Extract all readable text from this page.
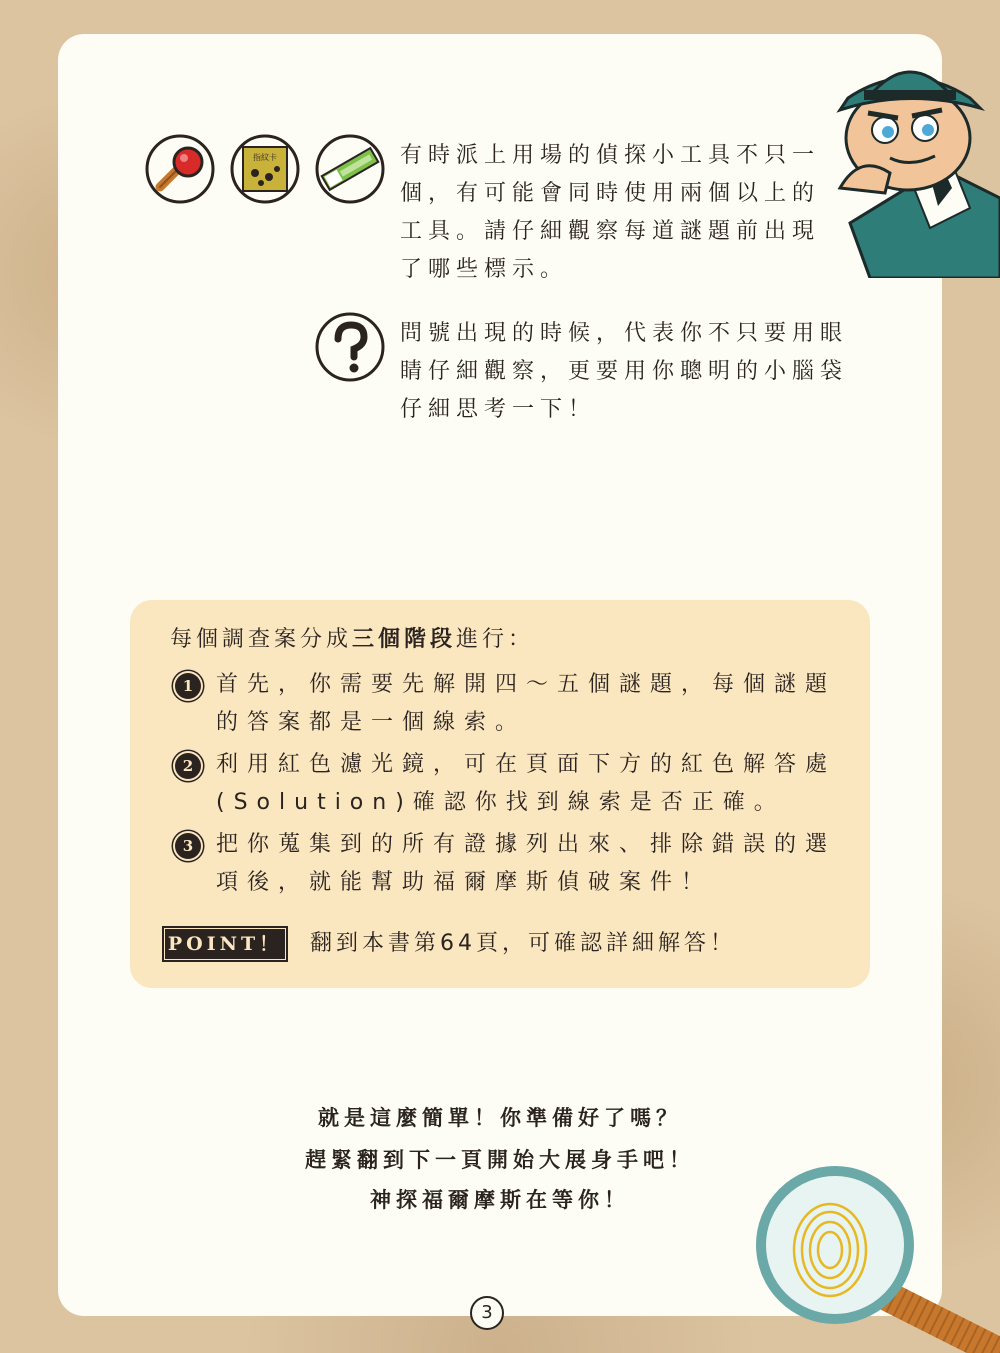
指紋卡	有時派上用場的偵探小工具不只一個，有可能會同時使用兩個以上的工具。請仔細觀察每道謎題前出現了哪些標示。
問號出現的時候，代表你不只要用眼睛仔細觀察，更要用你聰明的小腦袋仔細思考一下！
每個調查案分成三個階段進行：
1	首先，你需要先解開四～五個謎題，每個謎題的答案都是一個線索。
2	利用紅色濾光鏡，可在頁面下方的紅色解答處(Solution)確認你找到線索是否正確。
3	把你蒐集到的所有證據列出來、排除錯誤的選項後，就能幫助福爾摩斯偵破案件！
POINT！ 翻到本書第64頁，可確認詳細解答！
就是這麼簡單！你準備好了嗎？
趕緊翻到下一頁開始大展身手吧！
神探福爾摩斯在等你！
3
